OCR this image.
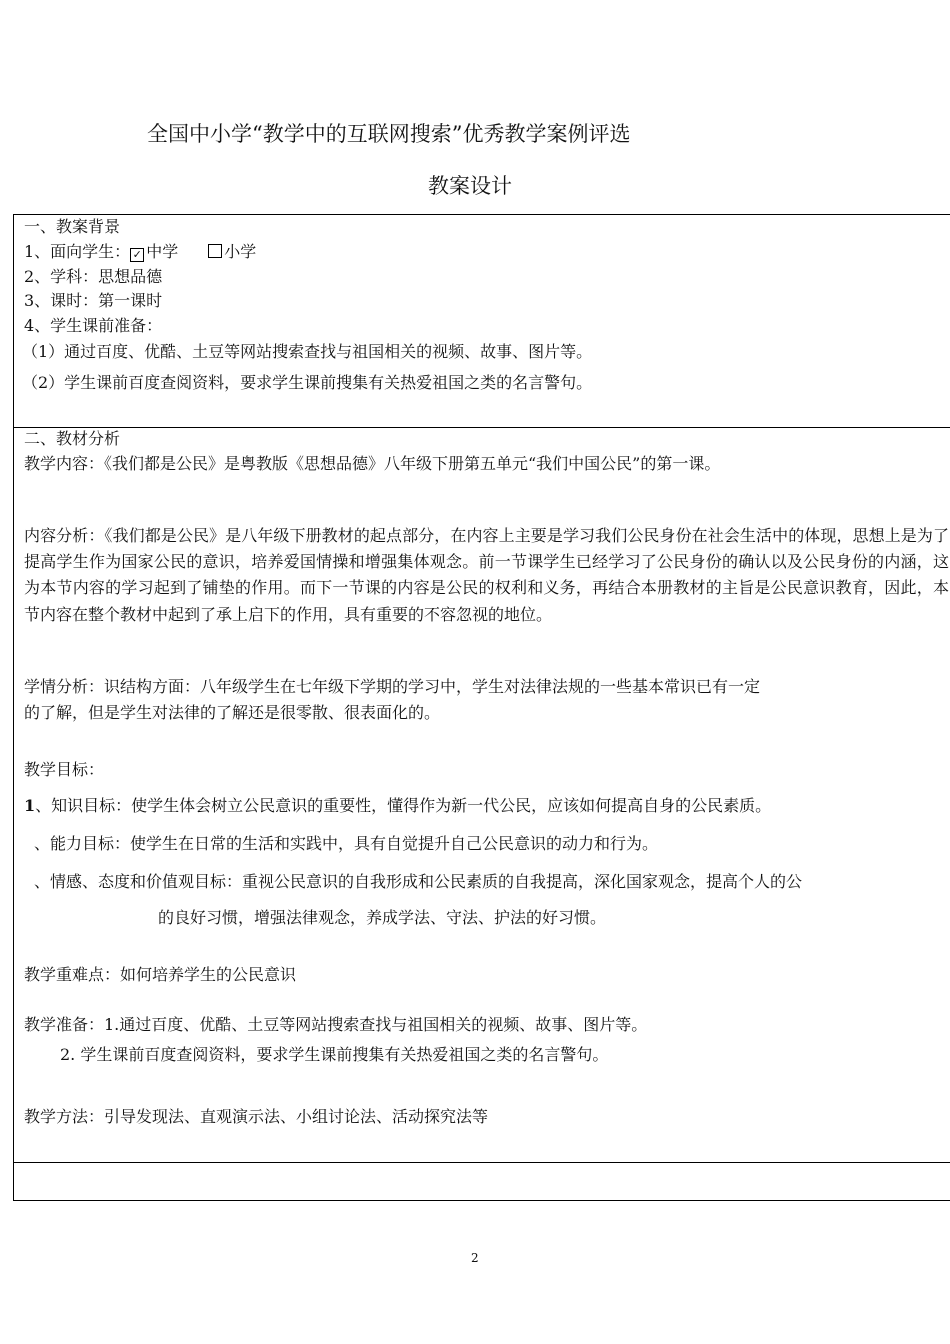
全国中小学“教学中的互联网搜索”优秀教学案例评选
教案设计
一、教案背景
1、面向学生： ✓ 中学	小学
2、学科：思想品德
3、课时：第一课时
4、学生课前准备：
（1）通过百度、优酷、土豆等网站搜索查找与祖国相关的视频、故事、图片等。
（2）学生课前百度查阅资料，要求学生课前搜集有关热爱祖国之类的名言警句。
二、教材分析
教学内容：《我们都是公民》是粤教版《思想品德》八年级下册第五单元“我们中国公民”的第一课。
内容分析：《我们都是公民》是八年级下册教材的起点部分，在内容上主要是学习我们公民身份在社会生活中的体现，思想上是为了提高学生作为国家公民的意识，培养爱国情操和增强集体观念。前一节课学生已经学习了公民身份的确认以及公民身份的内涵，这为本节内容的学习起到了铺垫的作用。而下一节课的内容是公民的权利和义务，再结合本册教材的主旨是公民意识教育，因此，本节内容在整个教材中起到了承上启下的作用，具有重要的不容忽视的地位。
学情分析：识结构方面：八年级学生在七年级下学期的学习中，学生对法律法规的一些基本常识已有一定
的了解，但是学生对法律的了解还是很零散、很表面化的。
教学目标：
1、知识目标：使学生体会树立公民意识的重要性，懂得作为新一代公民，应该如何提高自身的公民素质。
、能力目标：使学生在日常的生活和实践中，具有自觉提升自己公民意识的动力和行为。
、情感、态度和价值观目标：重视公民意识的自我形成和公民素质的自我提高，深化国家观念，提高个人的公
的良好习惯，增强法律观念，养成学法、守法、护法的好习惯。
教学重难点：如何培养学生的公民意识
教学准备：1.通过百度、优酷、土豆等网站搜索查找与祖国相关的视频、故事、图片等。
2. 学生课前百度查阅资料，要求学生课前搜集有关热爱祖国之类的名言警句。
教学方法：引导发现法、直观演示法、小组讨论法、活动探究法等
2
